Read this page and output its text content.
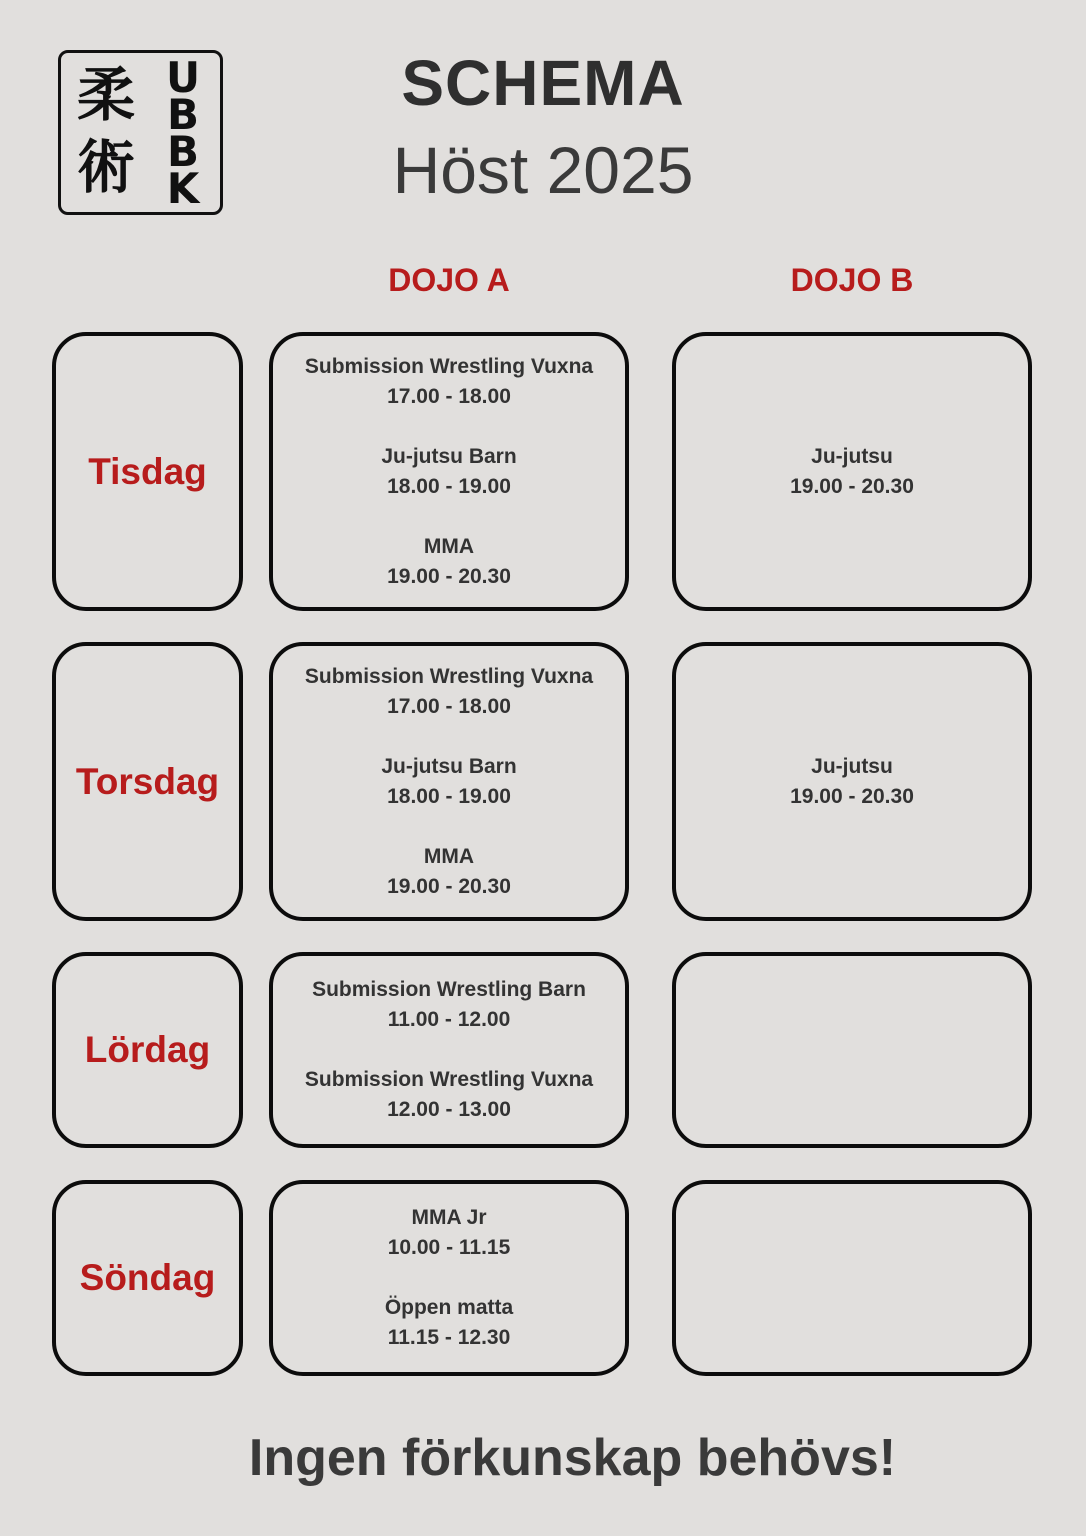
柔
術
U
B
B
K
SCHEMA
Höst 2025
DOJO A	DOJO B
Tisdag
Submission Wrestling Vuxna
17.00 - 18.00
Ju-jutsu Barn
18.00 - 19.00
MMA
19.00 - 20.30
Ju-jutsu
19.00 - 20.30
Torsdag
Submission Wrestling Vuxna
17.00 - 18.00
Ju-jutsu Barn
18.00 - 19.00
MMA
19.00 - 20.30
Ju-jutsu
19.00 - 20.30
Lördag
Submission Wrestling Barn
11.00 - 12.00
Submission Wrestling Vuxna
12.00 - 13.00
Söndag
MMA Jr
10.00 - 11.15
Öppen matta
11.15 - 12.30
Ingen förkunskap behövs!
